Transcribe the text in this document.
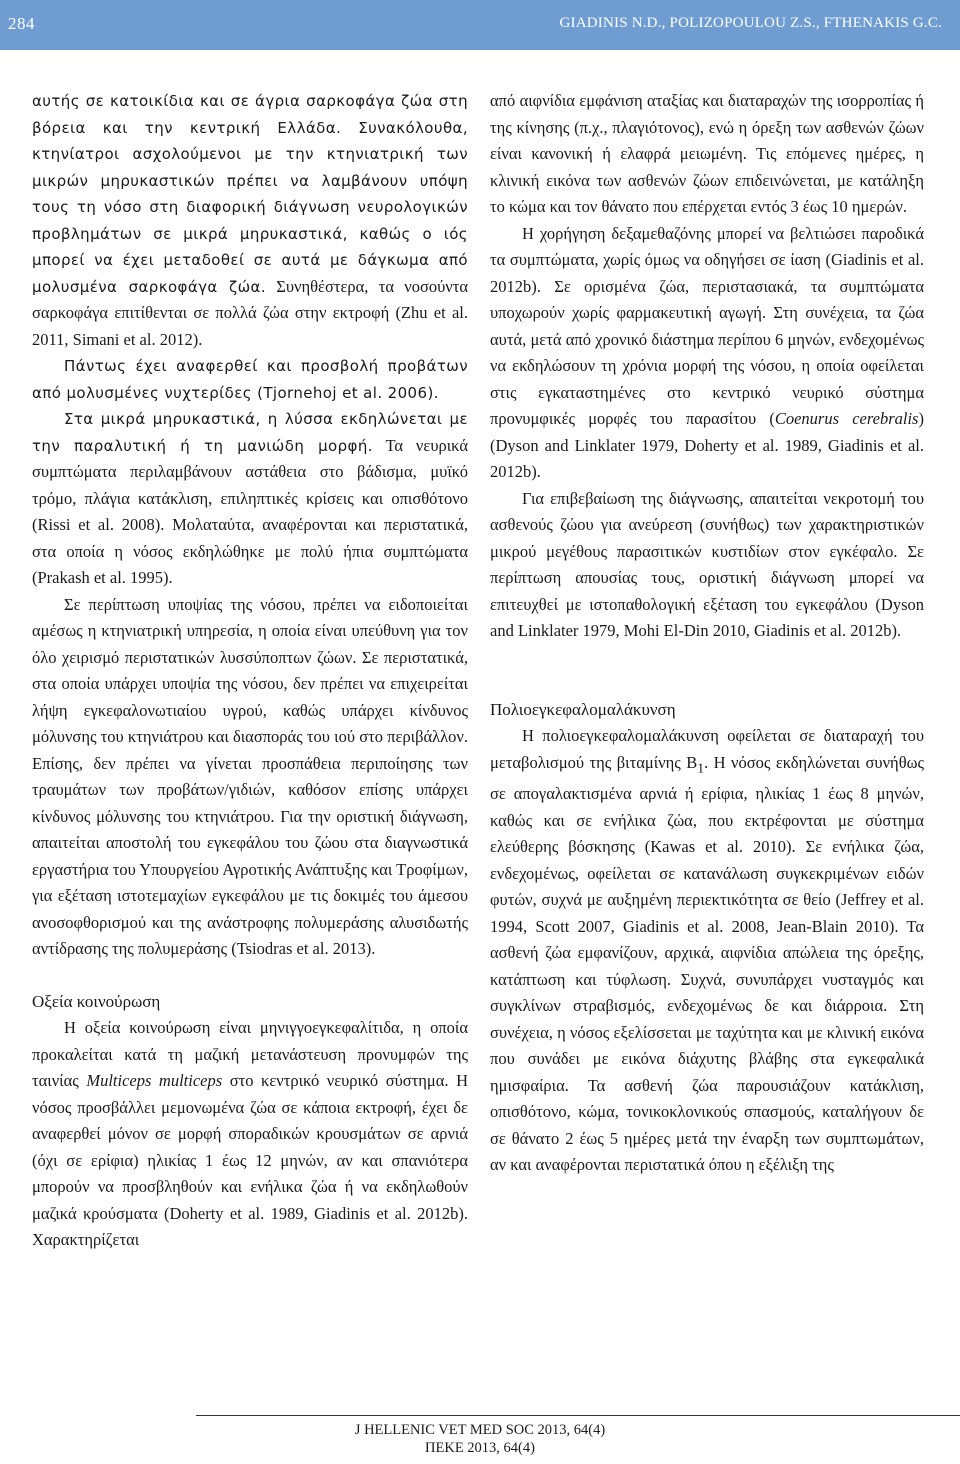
284	GIADINIS N.D., POLIZOPOULOU Z.S., FTHENAKIS G.C.

αυτής σε κατοικίδια και σε άγρια σαρκοφάγα ζώα στη βόρεια και την κεντρική Ελλάδα. Συνακόλουθα, κτηνίατροι ασχολούμενοι με την κτηνιατρική των μικρών μηρυκαστικών πρέπει να λαμβάνουν υπόψη τους τη νόσο στη διαφορική διάγνωση νευρολογικών προβλημάτων σε μικρά μηρυκαστικά, καθώς ο ιός μπορεί να έχει μεταδοθεί σε αυτά με δάγκωμα από μολυσμένα σαρκοφάγα ζώα. Συνηθέστερα, τα νοσούντα σαρκοφάγα επιτίθενται σε πολλά ζώα στην εκτροφή (Zhu et al. 2011, Simani et al. 2012).

Πάντως έχει αναφερθεί και προσβολή προβάτων από μολυσμένες νυχτερίδες (Tjornehoj et al. 2006).

Στα μικρά μηρυκαστικά, η λύσσα εκδηλώνεται με την παραλυτική ή τη μανιώδη μορφή. Τα νευρικά συμπτώματα περιλαμβάνουν αστάθεια στο βάδισμα, μυϊκό τρόμο, πλάγια κατάκλιση, επιληπτικές κρίσεις και οπισθότονο (Rissi et al. 2008). Μολαταύτα, αναφέρονται και περιστατικά, στα οποία η νόσος εκδηλώθηκε με πολύ ήπια συμπτώματα (Prakash et al. 1995).

Σε περίπτωση υποψίας της νόσου, πρέπει να ειδοποιείται αμέσως η κτηνιατρική υπηρεσία, η οποία είναι υπεύθυνη για τον όλο χειρισμό περιστατικών λυσσύποπτων ζώων. Σε περιστατικά, στα οποία υπάρχει υποψία της νόσου, δεν πρέπει να επιχειρείται λήψη εγκεφαλονωτιαίου υγρού, καθώς υπάρχει κίνδυνος μόλυνσης του κτηνιάτρου και διασποράς του ιού στο περιβάλλον. Επίσης, δεν πρέπει να γίνεται προσπάθεια περιποίησης των τραυμάτων των προβάτων/γιδιών, καθόσον επίσης υπάρχει κίνδυνος μόλυνσης του κτηνιάτρου. Για την οριστική διάγνωση, απαιτείται αποστολή του εγκεφάλου του ζώου στα διαγνωστικά εργαστήρια του Υπουργείου Αγροτικής Ανάπτυξης και Τροφίμων, για εξέταση ιστοτεμαχίων εγκεφάλου με τις δοκιμές του άμεσου ανοσοφθορισμού και της ανάστροφης πολυμεράσης αλυσιδωτής αντίδρασης της πολυμεράσης (Tsiodras et al. 2013).

Οξεία κοινούρωση

Η οξεία κοινούρωση είναι μηνιγγοεγκεφαλίτιδα, η οποία προκαλείται κατά τη μαζική μετανάστευση προνυμφών της ταινίας Multiceps multiceps στο κεντρικό νευρικό σύστημα. Η νόσος προσβάλλει μεμονωμένα ζώα σε κάποια εκτροφή, έχει δε αναφερθεί μόνον σε μορφή σποραδικών κρουσμάτων σε αρνιά (όχι σε ερίφια) ηλικίας 1 έως 12 μηνών, αν και σπανιότερα μπορούν να προσβληθούν και ενήλικα ζώα ή να εκδηλωθούν μαζικά κρούσματα (Doherty et al. 1989, Giadinis et al. 2012b). Χαρακτηρίζεται

από αιφνίδια εμφάνιση αταξίας και διαταραχών της ισορροπίας ή της κίνησης (π.χ., πλαγιότονος), ενώ η όρεξη των ασθενών ζώων είναι κανονική ή ελαφρά μειωμένη. Τις επόμενες ημέρες, η κλινική εικόνα των ασθενών ζώων επιδεινώνεται, με κατάληξη το κώμα και τον θάνατο που επέρχεται εντός 3 έως 10 ημερών.

Η χορήγηση δεξαμεθαζόνης μπορεί να βελτιώσει παροδικά τα συμπτώματα, χωρίς όμως να οδηγήσει σε ίαση (Giadinis et al. 2012b). Σε ορισμένα ζώα, περιστασιακά, τα συμπτώματα υποχωρούν χωρίς φαρμακευτική αγωγή. Στη συνέχεια, τα ζώα αυτά, μετά από χρονικό διάστημα περίπου 6 μηνών, ενδεχομένως να εκδηλώσουν τη χρόνια μορφή της νόσου, η οποία οφείλεται στις εγκαταστημένες στο κεντρικό νευρικό σύστημα προνυμφικές μορφές του παρασίτου (Coenurus cerebralis) (Dyson and Linklater 1979, Doherty et al. 1989, Giadinis et al. 2012b).

Για επιβεβαίωση της διάγνωσης, απαιτείται νεκροτομή του ασθενούς ζώου για ανεύρεση (συνήθως) των χαρακτηριστικών μικρού μεγέθους παρασιτικών κυστιδίων στον εγκέφαλο. Σε περίπτωση απουσίας τους, οριστική διάγνωση μπορεί να επιτευχθεί με ιστοπαθολογική εξέταση του εγκεφάλου (Dyson and Linklater 1979, Mohi El-Din 2010, Giadinis et al. 2012b).

Πολιοεγκεφαλομαλάκυνση

Η πολιοεγκεφαλομαλάκυνση οφείλεται σε διαταραχή του μεταβολισμού της βιταμίνης $B_1$. Η νόσος εκδηλώνεται συνήθως σε απογαλακτισμένα αρνιά ή ερίφια, ηλικίας 1 έως 8 μηνών, καθώς και σε ενήλικα ζώα, που εκτρέφονται με σύστημα ελεύθερης βόσκησης (Kawas et al. 2010). Σε ενήλικα ζώα, ενδεχομένως, οφείλεται σε κατανάλωση συγκεκριμένων ειδών φυτών, συχνά με αυξημένη περιεκτικότητα σε θείο (Jeffrey et al. 1994, Scott 2007, Giadinis et al. 2008, Jean-Blain 2010). Τα ασθενή ζώα εμφανίζουν, αρχικά, αιφνίδια απώλεια της όρεξης, κατάπτωση και τύφλωση. Συχνά, συνυπάρχει νυσταγμός και συγκλίνων στραβισμός, ενδεχομένως δε και διάρροια. Στη συνέχεια, η νόσος εξελίσσεται με ταχύτητα και με κλινική εικόνα που συνάδει με εικόνα διάχυτης βλάβης στα εγκεφαλικά ημισφαίρια. Τα ασθενή ζώα παρουσιάζουν κατάκλιση, οπισθότονο, κώμα, τονικοκλονικούς σπασμούς, καταλήγουν δε σε θάνατο 2 έως 5 ημέρες μετά την έναρξη των συμπτωμάτων, αν και αναφέρονται περιστατικά όπου η εξέλιξη της

J HELLENIC VET MED SOC 2013, 64(4)
ΠΕΚΕ 2013, 64(4)
